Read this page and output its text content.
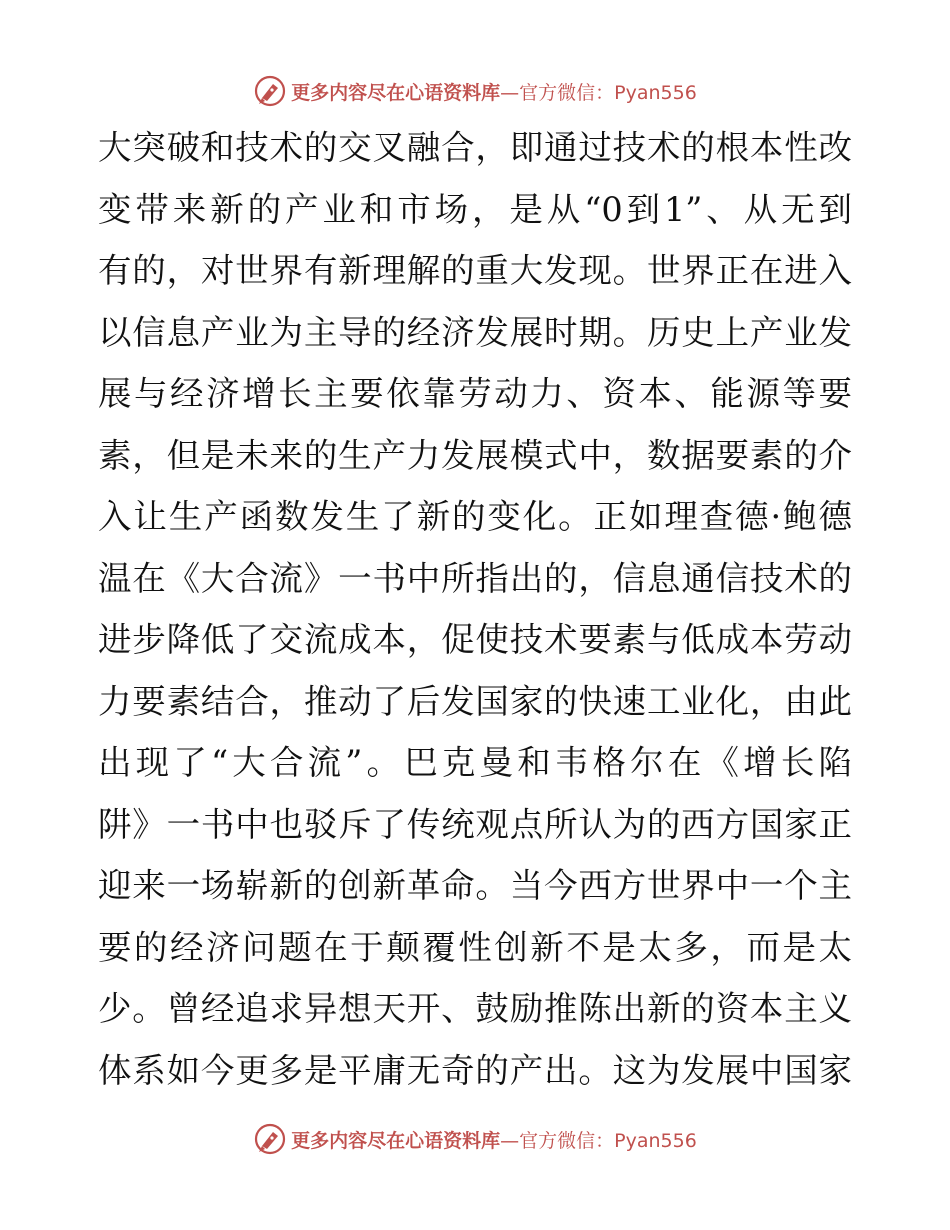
更多内容尽在心语资料库 —官方微信：Pyan556
大突破和技术的交叉融合，即通过技术的根本性改
变带来新的产业和市场，是从“0到1”、从无到
有的，对世界有新理解的重大发现。世界正在进入
以信息产业为主导的经济发展时期。历史上产业发
展与经济增长主要依靠劳动力、资本、能源等要
素，但是未来的生产力发展模式中，数据要素的介
入让生产函数发生了新的变化。正如理查德·鲍德
温在《大合流》一书中所指出的，信息通信技术的
进步降低了交流成本，促使技术要素与低成本劳动
力要素结合，推动了后发国家的快速工业化，由此
出现了“大合流”。巴克曼和韦格尔在《增长陷
阱》一书中也驳斥了传统观点所认为的西方国家正
迎来一场崭新的创新革命。当今西方世界中一个主
要的经济问题在于颠覆性创新不是太多，而是太
少。曾经追求异想天开、鼓励推陈出新的资本主义
体系如今更多是平庸无奇的产出。这为发展中国家
更多内容尽在心语资料库 —官方微信：Pyan556
